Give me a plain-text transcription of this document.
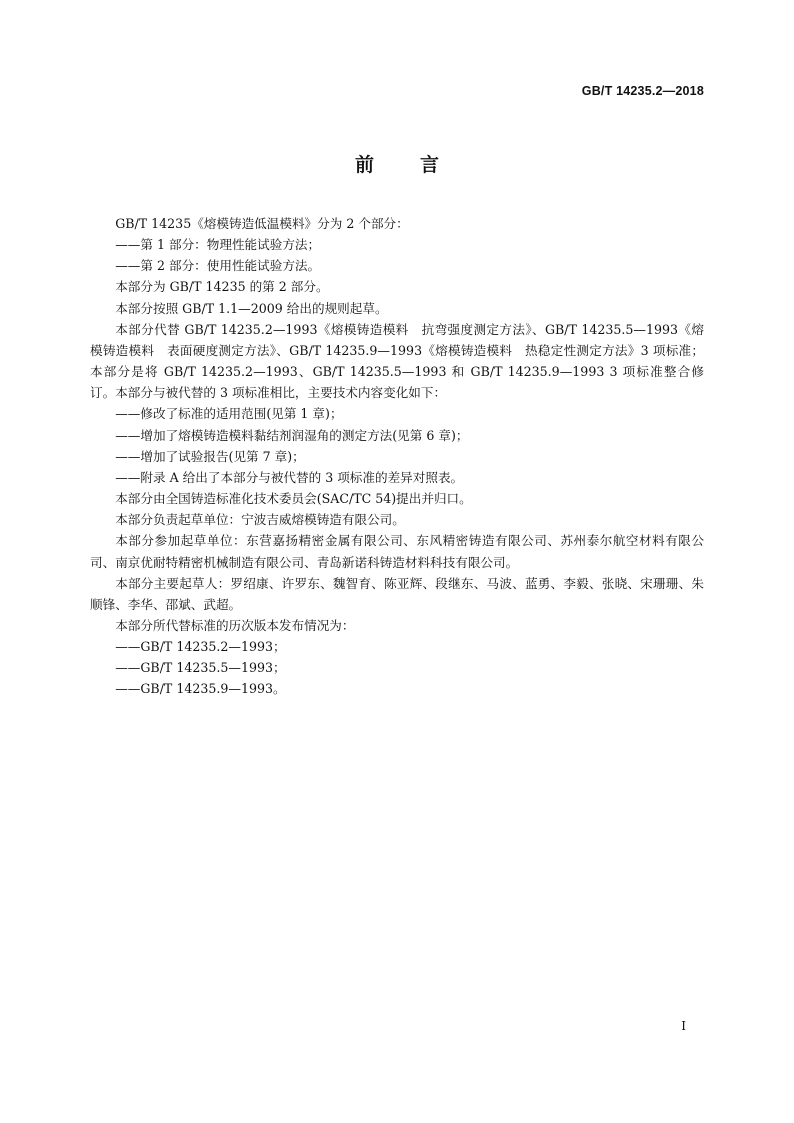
GB/T 14235.2—2018
前 言

GB/T 14235《熔模铸造低温模料》分为 2 个部分：

——第 1 部分：物理性能试验方法；

——第 2 部分：使用性能试验方法。

本部分为 GB/T 14235 的第 2 部分。

本部分按照 GB/T 1.1—2009 给出的规则起草。

本部分代替 GB/T 14235.2—1993《熔模铸造模料　抗弯强度测定方法》、GB/T 14235.5—1993《熔模铸造模料　表面硬度测定方法》、GB/T 14235.9—1993《熔模铸造模料　热稳定性测定方法》3 项标准；本部分是将 GB/T 14235.2—1993、GB/T 14235.5—1993 和 GB/T 14235.9—1993 3 项标准整合修订。本部分与被代替的 3 项标准相比，主要技术内容变化如下：

——修改了标准的适用范围(见第 1 章)；

——增加了熔模铸造模料黏结剂润湿角的测定方法(见第 6 章)；

——增加了试验报告(见第 7 章)；

——附录 A 给出了本部分与被代替的 3 项标准的差异对照表。

本部分由全国铸造标准化技术委员会(SAC/TC 54)提出并归口。

本部分负责起草单位：宁波吉威熔模铸造有限公司。

本部分参加起草单位：东营嘉扬精密金属有限公司、东风精密铸造有限公司、苏州泰尔航空材料有限公司、南京优耐特精密机械制造有限公司、青岛新诺科铸造材料科技有限公司。

本部分主要起草人：罗绍康、许罗东、魏智育、陈亚辉、段继东、马波、蓝勇、李毅、张晓、宋珊珊、朱顺锋、李华、邵斌、武超。

本部分所代替标准的历次版本发布情况为：

——GB/T 14235.2—1993；

——GB/T 14235.5—1993；

——GB/T 14235.9—1993。

I
